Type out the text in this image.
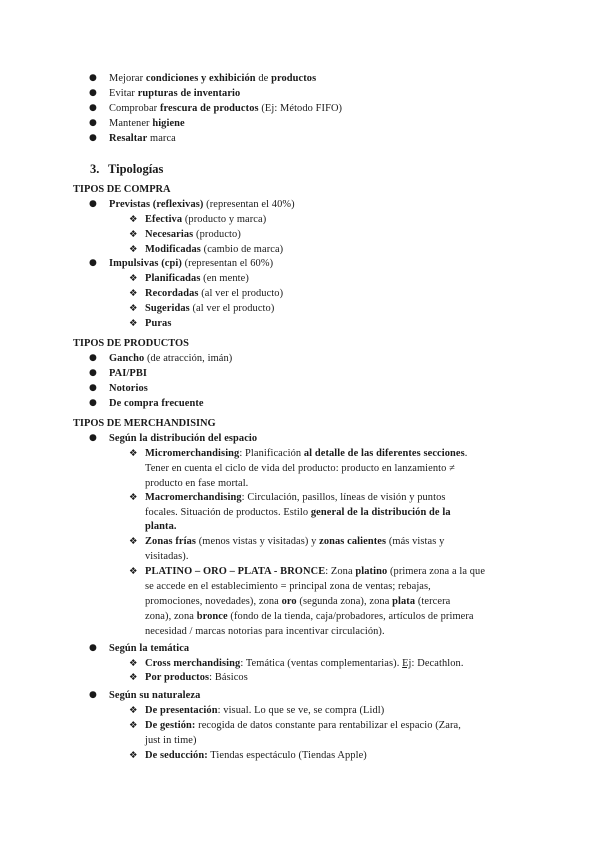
● Mejorar condiciones y exhibición de productos
● Evitar rupturas de inventario
● Comprobar frescura de productos (Ej: Método FIFO)
● Mantener higiene
● Resaltar marca
3. Tipologías
TIPOS DE COMPRA
● Previstas (reflexivas) (representan el 40%)
❖ Efectiva (producto y marca)
❖ Necesarias (producto)
❖ Modificadas (cambio de marca)
● Impulsivas (cpi) (representan el 60%)
❖ Planificadas (en mente)
❖ Recordadas (al ver el producto)
❖ Sugeridas (al ver el producto)
❖ Puras
TIPOS DE PRODUCTOS
● Gancho (de atracción, imán)
● PAI/PBI
● Notorios
● De compra frecuente
TIPOS DE MERCHANDISING
● Según la distribución del espacio
❖ Micromerchandising: Planificación al detalle de las diferentes secciones.
Tener en cuenta el ciclo de vida del producto: producto en lanzamiento ≠
producto en fase mortal.
❖ Macromerchandising: Circulación, pasillos, líneas de visión y puntos
focales. Situación de productos. Estilo general de la distribución de la
planta.
❖ Zonas frías (menos vistas y visitadas) y zonas calientes (más vistas y
visitadas).
❖ PLATINO – ORO – PLATA - BRONCE: Zona platino (primera zona a la que
se accede en el establecimiento = principal zona de ventas; rebajas,
promociones, novedades), zona oro (segunda zona), zona plata (tercera
zona), zona bronce (fondo de la tienda, caja/probadores, artículos de primera
necesidad / marcas notorias para incentivar circulación).
● Según la temática
❖ Cross merchandising: Temática (ventas complementarias). Ej: Decathlon.
❖ Por productos: Básicos
● Según su naturaleza
❖ De presentación: visual. Lo que se ve, se compra (Lidl)
❖ De gestión: recogida de datos constante para rentabilizar el espacio (Zara,
just in time)
❖ De seducción: Tiendas espectáculo (Tiendas Apple)
